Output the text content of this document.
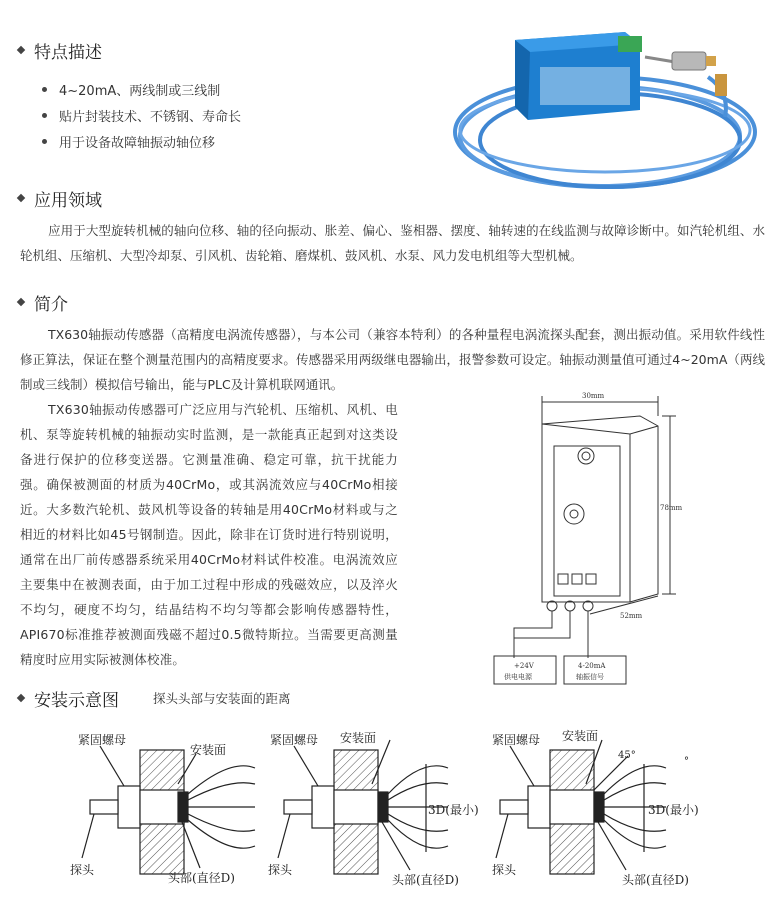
特点描述
4~20mA、两线制或三线制
贴片封装技术、不锈钢、寿命长
用于设备故障轴振动轴位移
应用领域
应用于大型旋转机械的轴向位移、轴的径向振动、胀差、偏心、鉴相器、摆度、轴转速的在线监测与故障诊断中。如汽轮机组、水轮机组、压缩机、大型冷却泵、引风机、齿轮箱、磨煤机、鼓风机、水泵、风力发电机组等大型机械。
简介
TX630轴振动传感器（高精度电涡流传感器），与本公司（兼容本特利）的各种量程电涡流探头配套，测出振动值。采用软件线性修正算法，保证在整个测量范围内的高精度要求。传感器采用两级继电器输出，报警参数可设定。轴振动测量值可通过4~20mA（两线制或三线制）模拟信号输出，能与PLC及计算机联网通讯。
TX630轴振动传感器可广泛应用与汽轮机、压缩机、风机、电机、泵等旋转机械的轴振动实时监测，是一款能真正起到对这类设备进行保护的位移变送器。它测量准确、稳定可靠，抗干扰能力强。确保被测面的材质为40CrMo，或其涡流效应与40CrMo相接近。大多数汽轮机、鼓风机等设备的转轴是用40CrMo材料或与之相近的材料比如45号钢制造。因此，除非在订货时进行特别说明，通常在出厂前传感器系统采用40CrMo材料试件校准。电涡流效应主要集中在被测表面，由于加工过程中形成的残磁效应，以及淬火不均匀，硬度不均匀，结晶结构不均匀等都会影响传感器特性，API670标准推荐被测面残磁不超过0.5微特斯拉。当需要更高测量精度时应用实际被测体校准。
30mm
78mm
52mm
+24V
供电电源
4-20mA
轴振信号
安装示意图	探头头部与安装面的距离
紧固螺母
安装面
探头
头部(直径D)
紧固螺母 安装面
3D(最小)
探头
头部(直径D)
紧固螺母 安装面
45°
°
3D(最小)
探头
头部(直径D)
